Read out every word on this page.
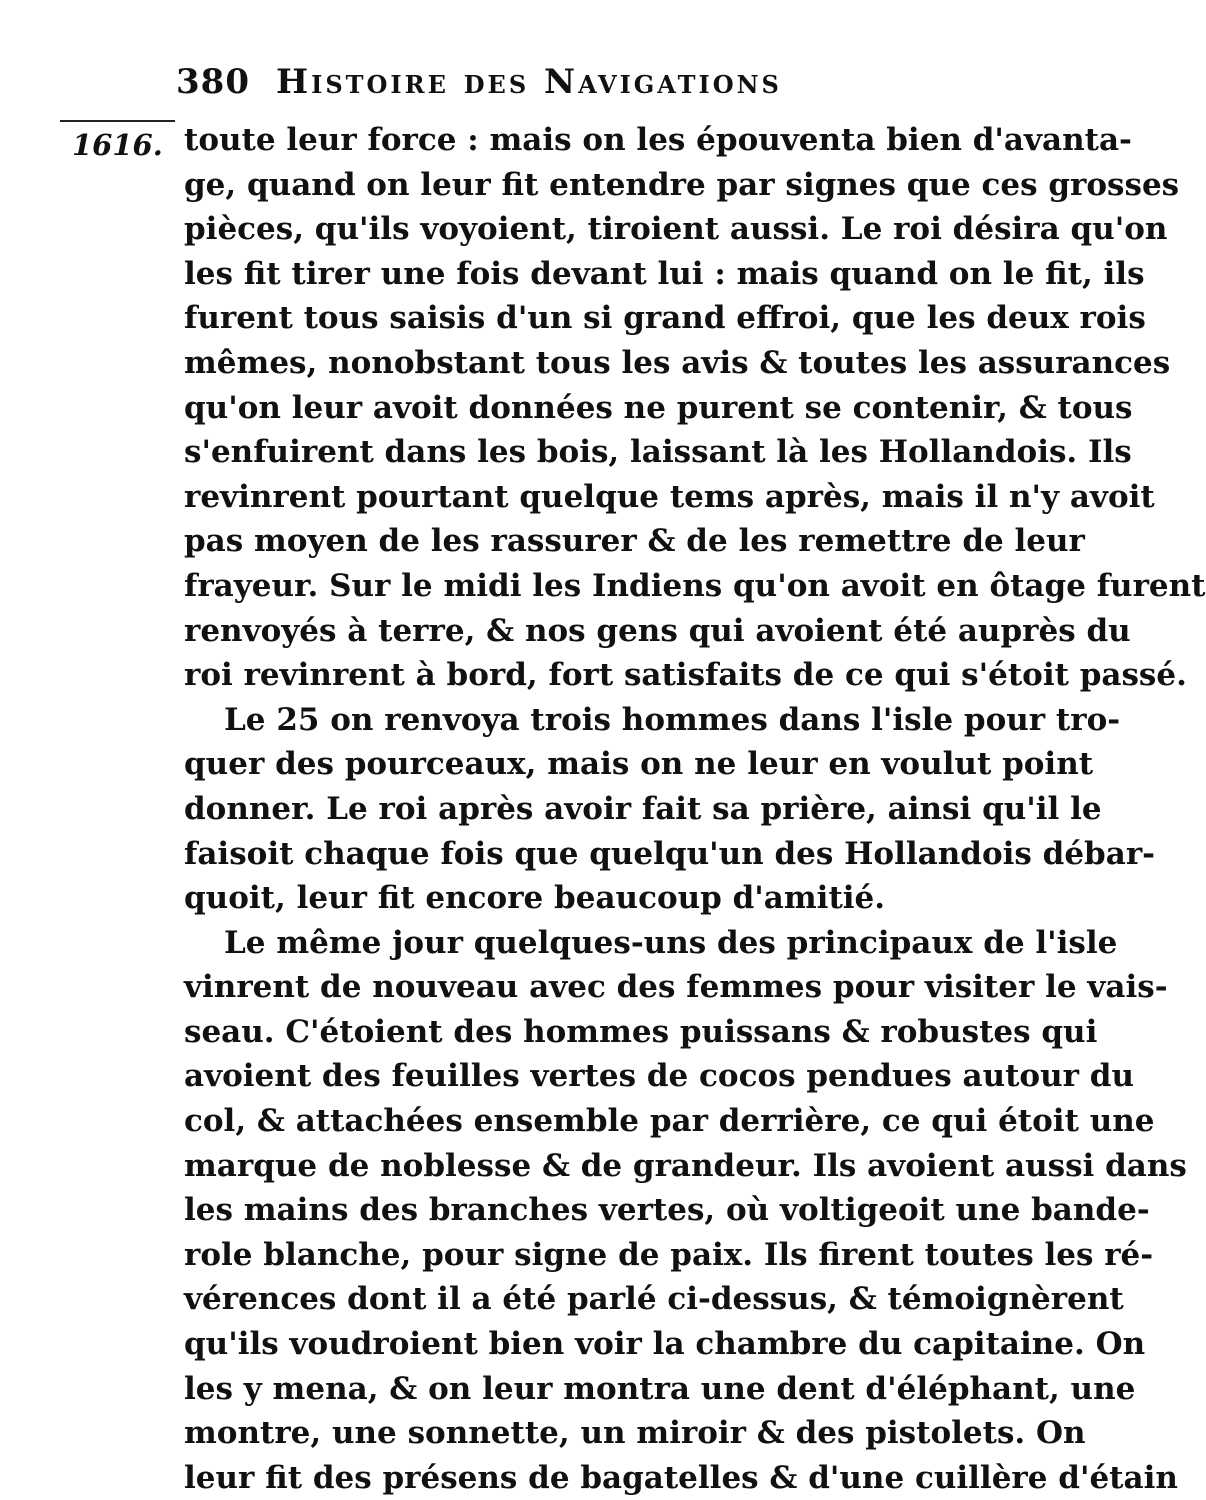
380 Histoire des Navigations
1616. toute leur force : mais on les épouventa bien d'avanta-
ge, quand on leur fit entendre par signes que ces grosses
pièces, qu'ils voyoient, tiroient aussi. Le roi désira qu'on
les fit tirer une fois devant lui : mais quand on le fit, ils
furent tous saisis d'un si grand effroi, que les deux rois
mêmes, nonobstant tous les avis & toutes les assurances
qu'on leur avoit données ne purent se contenir, & tous
s'enfuirent dans les bois, laissant là les Hollandois. Ils
revinrent pourtant quelque tems après, mais il n'y avoit
pas moyen de les rassurer & de les remettre de leur
frayeur. Sur le midi les Indiens qu'on avoit en ôtage furent
renvoyés à terre, & nos gens qui avoient été auprès du
roi revinrent à bord, fort satisfaits de ce qui s'étoit passé.
Le 25 on renvoya trois hommes dans l'isle pour tro-
quer des pourceaux, mais on ne leur en voulut point
donner. Le roi après avoir fait sa prière, ainsi qu'il le
faisoit chaque fois que quelqu'un des Hollandois débar-
quoit, leur fit encore beaucoup d'amitié.
Le même jour quelques-uns des principaux de l'isle
vinrent de nouveau avec des femmes pour visiter le vais-
seau. C'étoient des hommes puissans & robustes qui
avoient des feuilles vertes de cocos pendues autour du
col, & attachées ensemble par derrière, ce qui étoit une
marque de noblesse & de grandeur. Ils avoient aussi dans
les mains des branches vertes, où voltigeoit une bande-
role blanche, pour signe de paix. Ils firent toutes les ré-
vérences dont il a été parlé ci-dessus, & témoignèrent
qu'ils voudroient bien voir la chambre du capitaine. On
les y mena, & on leur montra une dent d'éléphant, une
montre, une sonnette, un miroir & des pistolets. On
leur fit des présens de bagatelles & d'une cuillère d'étain
